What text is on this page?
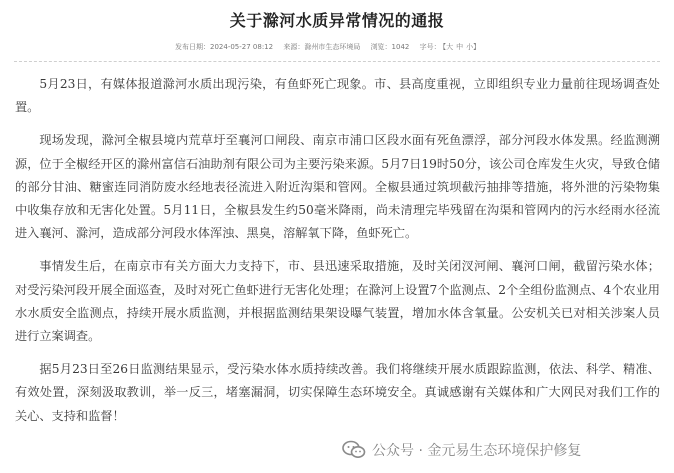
关于滁河水质异常情况的通报
发布日期：2024-05-27 08:12 来源：滁州市生态环境局 浏览：1042 字号： 【大 中 小】

5月23日，有媒体报道滁河水质出现污染，有鱼虾死亡现象。市、县高度重视，立即组织专业力量前往现场调查处置。

现场发现，滁河全椒县境内荒草圩至襄河口闸段、南京市浦口区段水面有死鱼漂浮，部分河段水体发黑。经监测溯源，位于全椒经开区的滁州富信石油助剂有限公司为主要污染来源。5月7日19时50分，该公司仓库发生火灾，导致仓储的部分甘油、糖蜜连同消防废水经地表径流进入附近沟渠和管网。全椒县通过筑坝截污抽排等措施，将外泄的污染物集中收集存放和无害化处置。5月11日，全椒县发生约50毫米降雨，尚未清理完毕残留在沟渠和管网内的污水经雨水径流进入襄河、滁河，造成部分河段水体浑浊、黑臭，溶解氧下降，鱼虾死亡。

事情发生后，在南京市有关方面大力支持下，市、县迅速采取措施，及时关闭汊河闸、襄河口闸，截留污染水体；对受污染河段开展全面巡查，及时对死亡鱼虾进行无害化处理；在滁河上设置7个监测点、2个全组份监测点、4个农业用水水质安全监测点，持续开展水质监测，并根据监测结果架设曝气装置，增加水体含氧量。公安机关已对相关涉案人员进行立案调查。

据5月23日至26日监测结果显示，受污染水体水质持续改善。我们将继续开展水质跟踪监测，依法、科学、精准、有效处置，深刻汲取教训，举一反三，堵塞漏洞，切实保障生态环境安全。真诚感谢有关媒体和广大网民对我们工作的关心、支持和监督！

公众号 · 金元易生态环境保护修复
